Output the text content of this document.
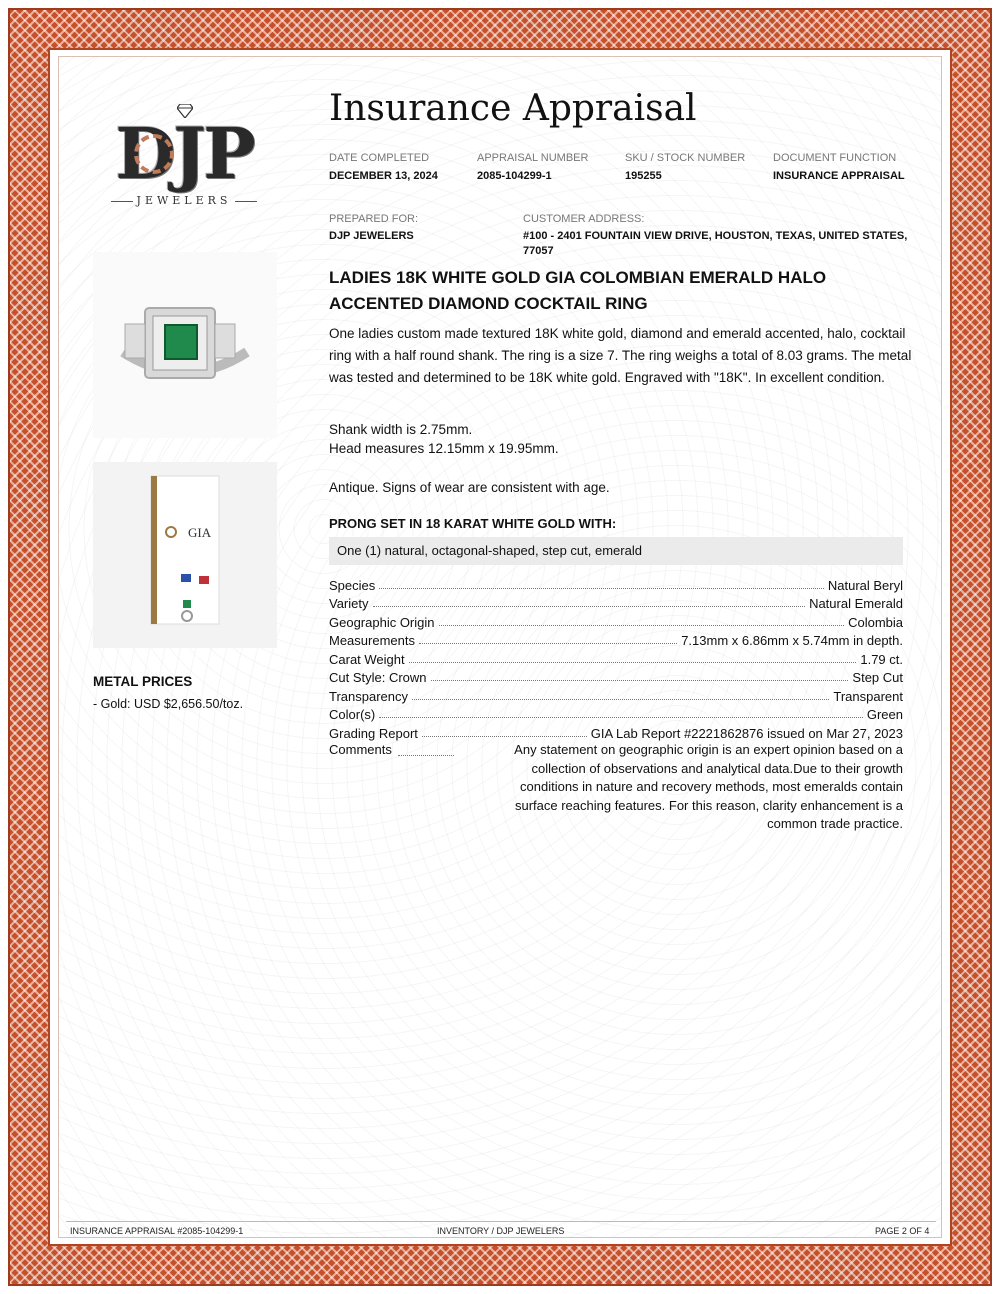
DJP
JEWELERS
Insurance Appraisal
DATE COMPLETED
DECEMBER 13, 2024
APPRAISAL NUMBER
2085-104299-1
SKU / STOCK NUMBER
195255
DOCUMENT FUNCTION
INSURANCE APPRAISAL
PREPARED FOR:
DJP JEWELERS
CUSTOMER ADDRESS:
#100 - 2401 FOUNTAIN VIEW DRIVE, HOUSTON, TEXAS, UNITED STATES,
77057
GIA
LADIES 18K WHITE GOLD GIA COLOMBIAN EMERALD HALO
ACCENTED DIAMOND COCKTAIL RING
One ladies custom made textured 18K white gold, diamond and emerald accented, halo, cocktail
ring with a half round shank. The ring is a size 7. The ring weighs a total of 8.03 grams. The metal
was tested and determined to be 18K white gold. Engraved with "18K". In excellent condition.
Shank width is 2.75mm.
Head measures 12.15mm x 19.95mm.
Antique. Signs of wear are consistent with age.
PRONG SET IN 18 KARAT WHITE GOLD WITH:
One (1) natural, octagonal-shaped, step cut, emerald
Species	Natural Beryl
Variety	Natural Emerald
Geographic Origin	Colombia
Measurements	7.13mm x 6.86mm x 5.74mm in depth.
Carat Weight	1.79 ct.
Cut Style: Crown	Step Cut
Transparency	Transparent
Color(s)	Green
Grading Report	GIA Lab Report #2221862876 issued on Mar 27, 2023
Comments	Any statement on geographic origin is an expert opinion based on a
collection of observations and analytical data.Due to their growth
conditions in nature and recovery methods, most emeralds contain
surface reaching features. For this reason, clarity enhancement is a
common trade practice.
METAL PRICES
- Gold: USD $2,656.50/toz.
INSURANCE APPRAISAL #2085-104299-1	INVENTORY / DJP JEWELERS	PAGE 2 OF 4
